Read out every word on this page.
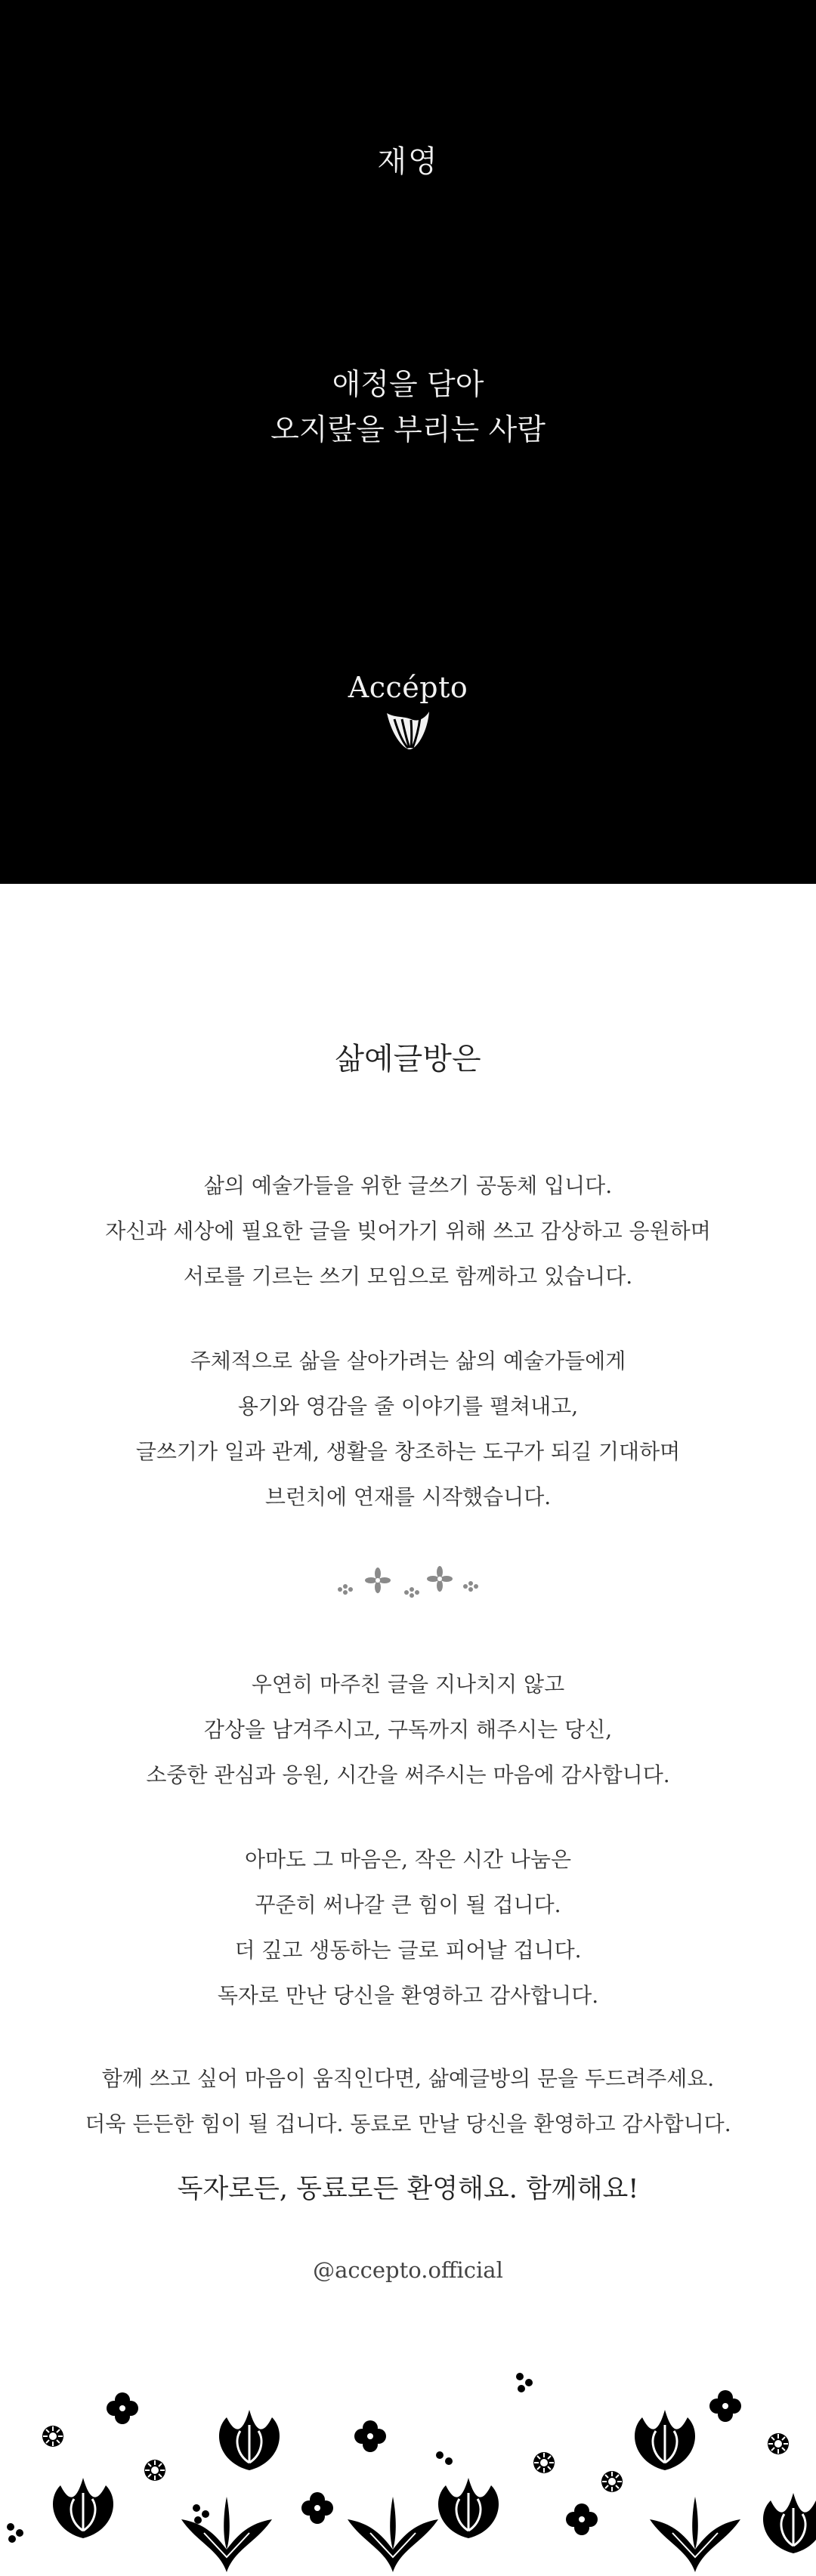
재영
애정을 담아
오지랖을 부리는 사람
Accépto
삶예글방은
삶의 예술가들을 위한 글쓰기 공동체 입니다.
자신과 세상에 필요한 글을 빚어가기 위해 쓰고 감상하고 응원하며
서로를 기르는 쓰기 모임으로 함께하고 있습니다.
주체적으로 삶을 살아가려는 삶의 예술가들에게
용기와 영감을 줄 이야기를 펼쳐내고,
글쓰기가 일과 관계, 생활을 창조하는 도구가 되길 기대하며
브런치에 연재를 시작했습니다.
우연히 마주친 글을 지나치지 않고
감상을 남겨주시고, 구독까지 해주시는 당신,
소중한 관심과 응원, 시간을 써주시는 마음에 감사합니다.
아마도 그 마음은, 작은 시간 나눔은
꾸준히 써나갈 큰 힘이 될 겁니다.
더 깊고 생동하는 글로 피어날 겁니다.
독자로 만난 당신을 환영하고 감사합니다.
함께 쓰고 싶어 마음이 움직인다면, 삶예글방의 문을 두드려주세요.
더욱 든든한 힘이 될 겁니다. 동료로 만날 당신을 환영하고 감사합니다.
독자로든, 동료로든 환영해요. 함께해요!
@accepto.official
